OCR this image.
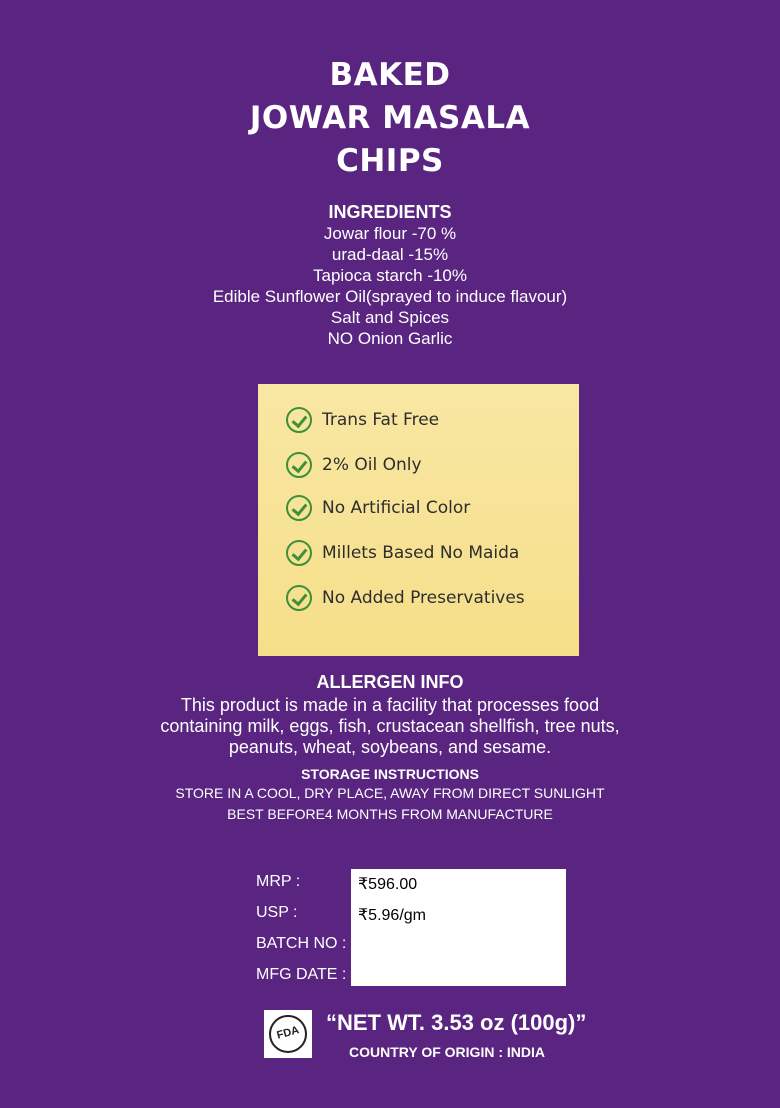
BAKED
JOWAR MASALA
CHIPS
INGREDIENTS
Jowar flour -70 %
urad-daal -15%
Tapioca starch -10%
Edible Sunflower Oil(sprayed to induce flavour)
Salt and Spices
NO Onion Garlic
Trans Fat Free
2% Oil Only
No Artificial Color
Millets Based No Maida
No Added Preservatives
ALLERGEN INFO
This product is made in a facility that processes food containing milk, eggs, fish, crustacean shellfish, tree nuts, peanuts, wheat, soybeans, and sesame.
STORAGE INSTRUCTIONS
STORE IN A COOL, DRY PLACE, AWAY FROM DIRECT SUNLIGHT
BEST BEFORE4 MONTHS FROM MANUFACTURE
MRP :
USP :
BATCH NO :
MFG DATE :
₹596.00
₹5.96/gm
FDA “NET WT. 3.53 oz (100g)”
COUNTRY OF ORIGIN : INDIA
